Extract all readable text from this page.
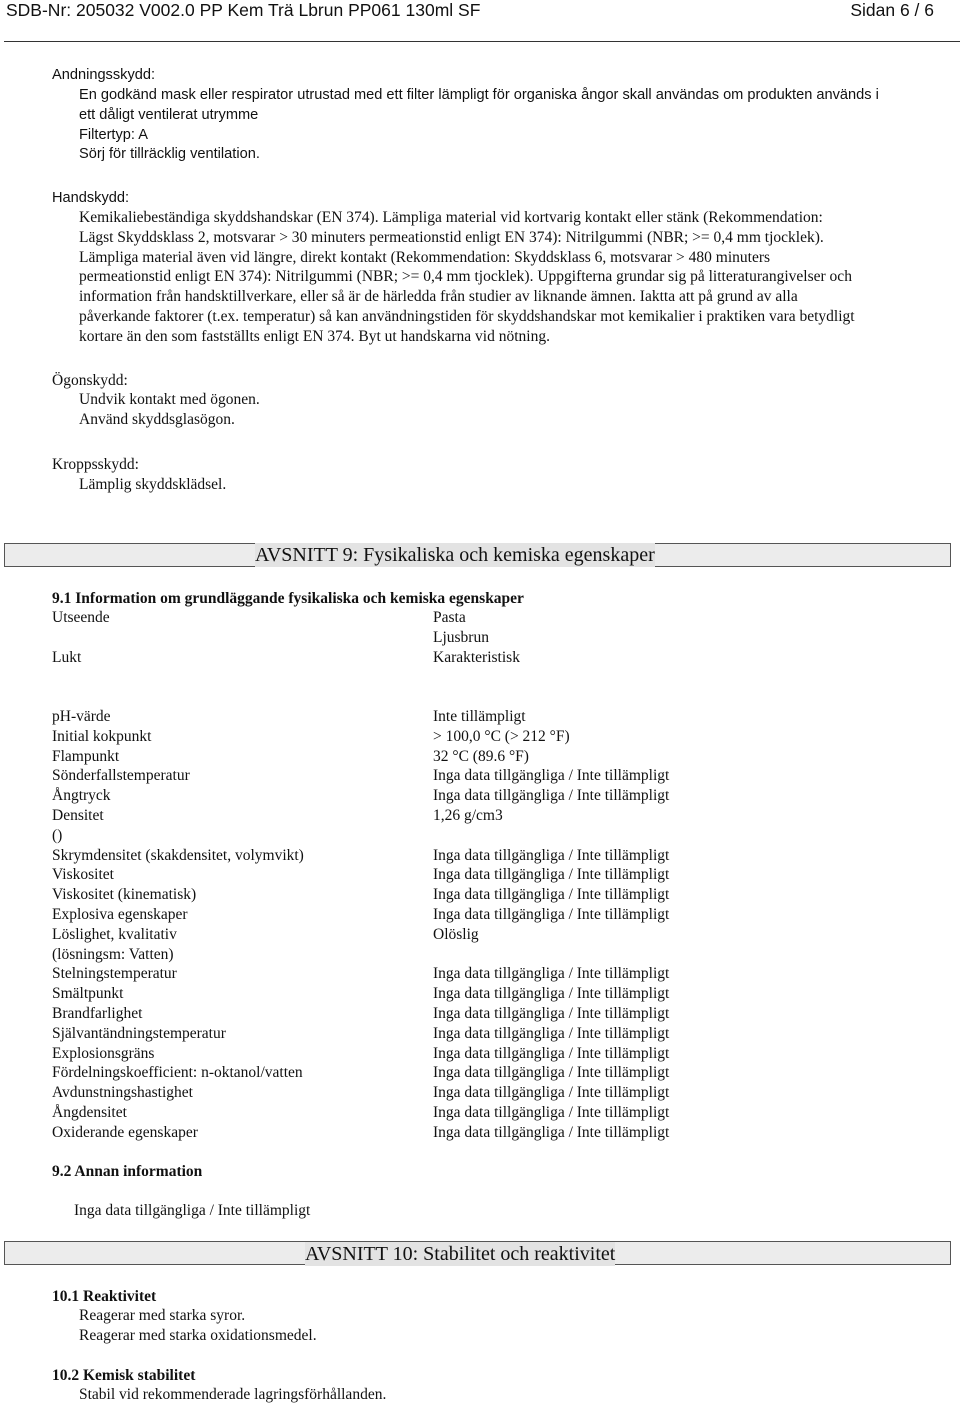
SDB-Nr: 205032 V002.0 PP Kem Trä Lbrun PP061 130ml SF	Sidan 6 / 6
Andningsskydd:
En godkänd mask eller respirator utrustad med ett filter lämpligt för organiska ångor skall användas om produkten används i
ett dåligt ventilerat utrymme
Filtertyp: A
Sörj för tillräcklig ventilation.
Handskydd:
Kemikaliebeständiga skyddshandskar (EN 374). Lämpliga material vid kortvarig kontakt eller stänk (Rekommendation:
Lägst Skyddsklass 2, motsvarar > 30 minuters permeationstid enligt EN 374): Nitrilgummi (NBR; >= 0,4 mm tjocklek).
Lämpliga material även vid längre, direkt kontakt (Rekommendation: Skyddsklass 6, motsvarar > 480 minuters
permeationstid enligt EN 374): Nitrilgummi (NBR; >= 0,4 mm tjocklek). Uppgifterna grundar sig på litteraturangivelser och
information från handsktillverkare, eller så är de härledda från studier av liknande ämnen. Iaktta att på grund av alla
påverkande faktorer (t.ex. temperatur) så kan användningstiden för skyddshandskar mot kemikalier i praktiken vara betydligt
kortare än den som fastställts enligt EN 374. Byt ut handskarna vid nötning.
Ögonskydd:
Undvik kontakt med ögonen.
Använd skyddsglasögon.
Kroppsskydd:
Lämplig skyddsklädsel.
AVSNITT 9: Fysikaliska och kemiska egenskaper
9.1 Information om grundläggande fysikaliska och kemiska egenskaper
Utseende	Pasta
Ljusbrun
Lukt	Karakteristisk
pH-värde	Inte tillämpligt
Initial kokpunkt	> 100,0 °C (> 212 °F)
Flampunkt	32 °C (89.6 °F)
Sönderfallstemperatur	Inga data tillgängliga / Inte tillämpligt
Ångtryck	Inga data tillgängliga / Inte tillämpligt
Densitet	1,26 g/cm3
()
Skrymdensitet (skakdensitet, volymvikt)	Inga data tillgängliga / Inte tillämpligt
Viskositet	Inga data tillgängliga / Inte tillämpligt
Viskositet (kinematisk)	Inga data tillgängliga / Inte tillämpligt
Explosiva egenskaper	Inga data tillgängliga / Inte tillämpligt
Löslighet, kvalitativ	Olöslig
(lösningsm: Vatten)
Stelningstemperatur	Inga data tillgängliga / Inte tillämpligt
Smältpunkt	Inga data tillgängliga / Inte tillämpligt
Brandfarlighet	Inga data tillgängliga / Inte tillämpligt
Självantändningstemperatur	Inga data tillgängliga / Inte tillämpligt
Explosionsgräns	Inga data tillgängliga / Inte tillämpligt
Fördelningskoefficient: n-oktanol/vatten	Inga data tillgängliga / Inte tillämpligt
Avdunstningshastighet	Inga data tillgängliga / Inte tillämpligt
Ångdensitet	Inga data tillgängliga / Inte tillämpligt
Oxiderande egenskaper	Inga data tillgängliga / Inte tillämpligt
9.2 Annan information
Inga data tillgängliga / Inte tillämpligt
AVSNITT 10: Stabilitet och reaktivitet
10.1 Reaktivitet
Reagerar med starka syror.
Reagerar med starka oxidationsmedel.
10.2 Kemisk stabilitet
Stabil vid rekommenderade lagringsförhållanden.
